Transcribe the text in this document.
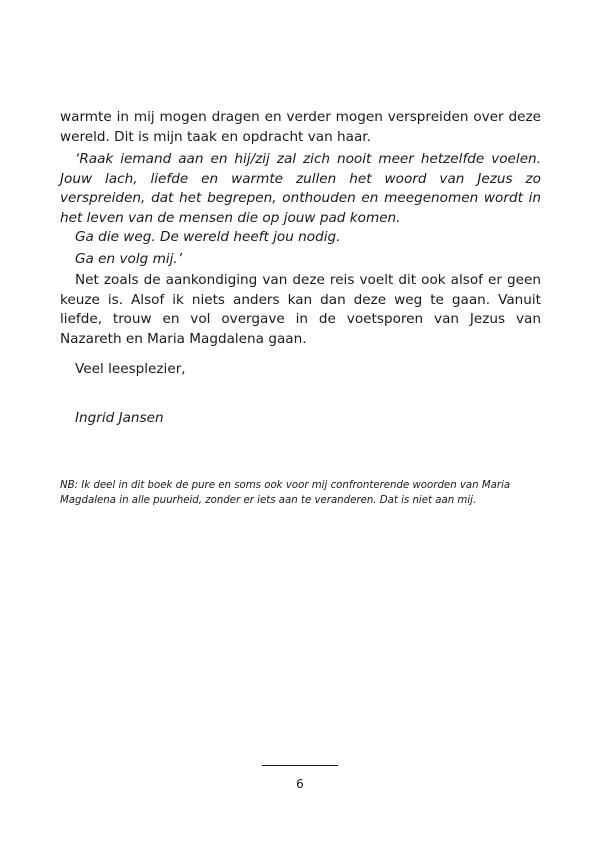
warmte in mij mogen dragen en verder mogen verspreiden over deze wereld. Dit is mijn taak en opdracht van haar.

‘Raak iemand aan en hij/zij zal zich nooit meer hetzelfde voelen. Jouw lach, liefde en warmte zullen het woord van Jezus zo verspreiden, dat het begrepen, onthouden en meegenomen wordt in het leven van de mensen die op jouw pad komen.

Ga die weg. De wereld heeft jou nodig.

Ga en volg mij.’

Net zoals de aankondiging van deze reis voelt dit ook alsof er geen keuze is. Alsof ik niets anders kan dan deze weg te gaan. Vanuit liefde, trouw en vol overgave in de voetsporen van Jezus van Nazareth en Maria Magdalena gaan.

Veel leesplezier,

Ingrid Jansen

NB: Ik deel in dit boek de pure en soms ook voor mij confronterende woorden van Maria Magdalena in alle puurheid, zonder er iets aan te veranderen. Dat is niet aan mij.
6
